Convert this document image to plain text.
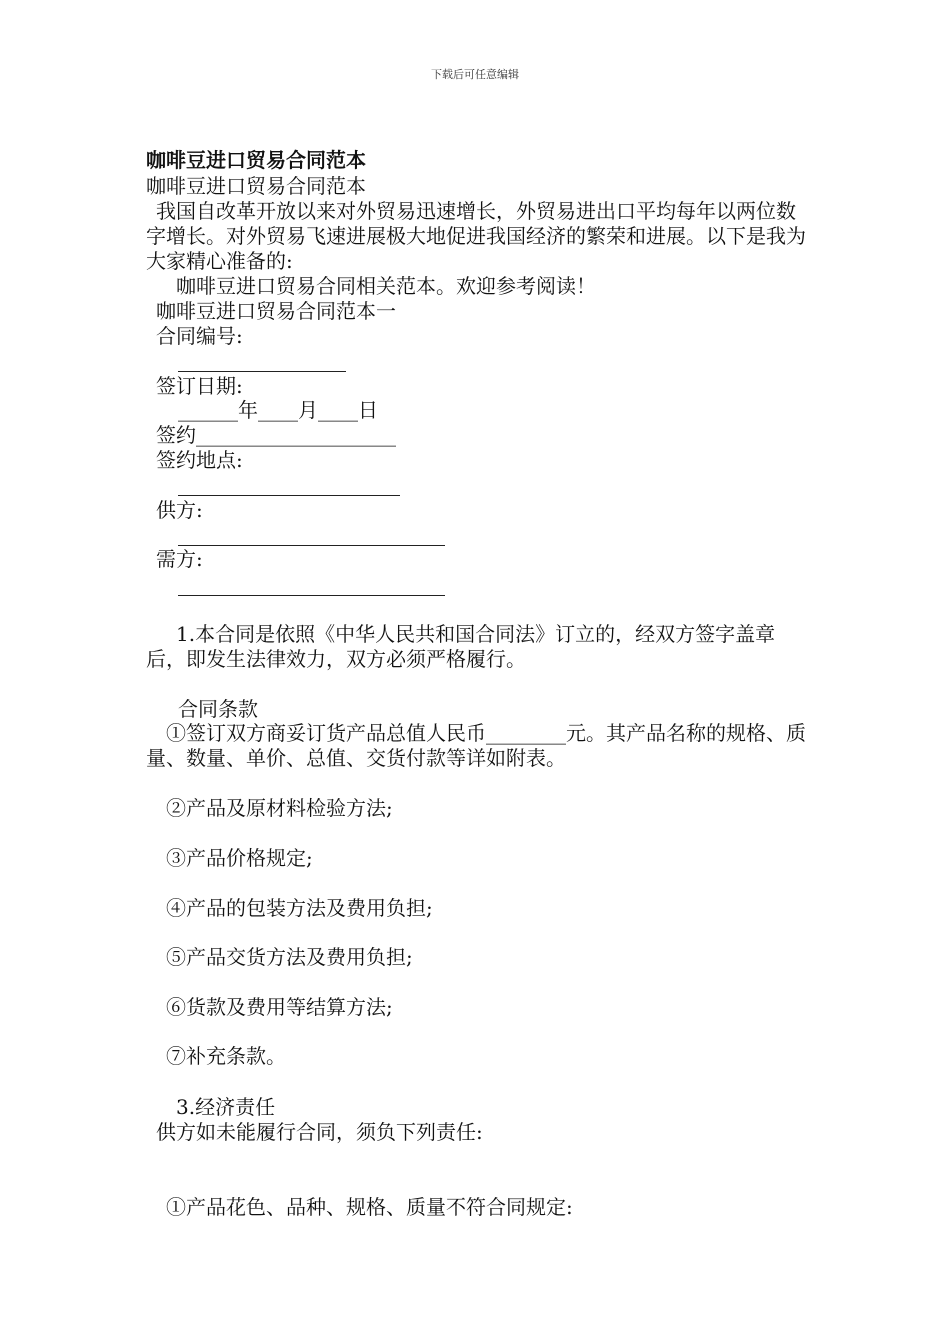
下载后可任意编辑
咖啡豆进口贸易合同范本
咖啡豆进口贸易合同范本
我国自改革开放以来对外贸易迅速增长，外贸易进出口平均每年以两位数字增长。对外贸易飞速进展极大地促进我国经济的繁荣和进展。以下是我为大家精心准备的:
咖啡豆进口贸易合同相关范本。欢迎参考阅读！
咖啡豆进口贸易合同范本一
合同编号:
签订日期:
______年____月____日
签约____________________
签约地点:
供方:
需方:
1.本合同是依照《中华人民共和国合同法》订立的，经双方签字盖章后，即发生法律效力，双方必须严格履行。
合同条款
①签订双方商妥订货产品总值人民币________元。其产品名称的规格、质量、数量、单价、总值、交货付款等详如附表。
②产品及原材料检验方法;
③产品价格规定;
④产品的包装方法及费用负担;
⑤产品交货方法及费用负担;
⑥货款及费用等结算方法;
⑦补充条款。
3.经济责任
供方如未能履行合同，须负下列责任:
①产品花色、品种、规格、质量不符合同规定:
